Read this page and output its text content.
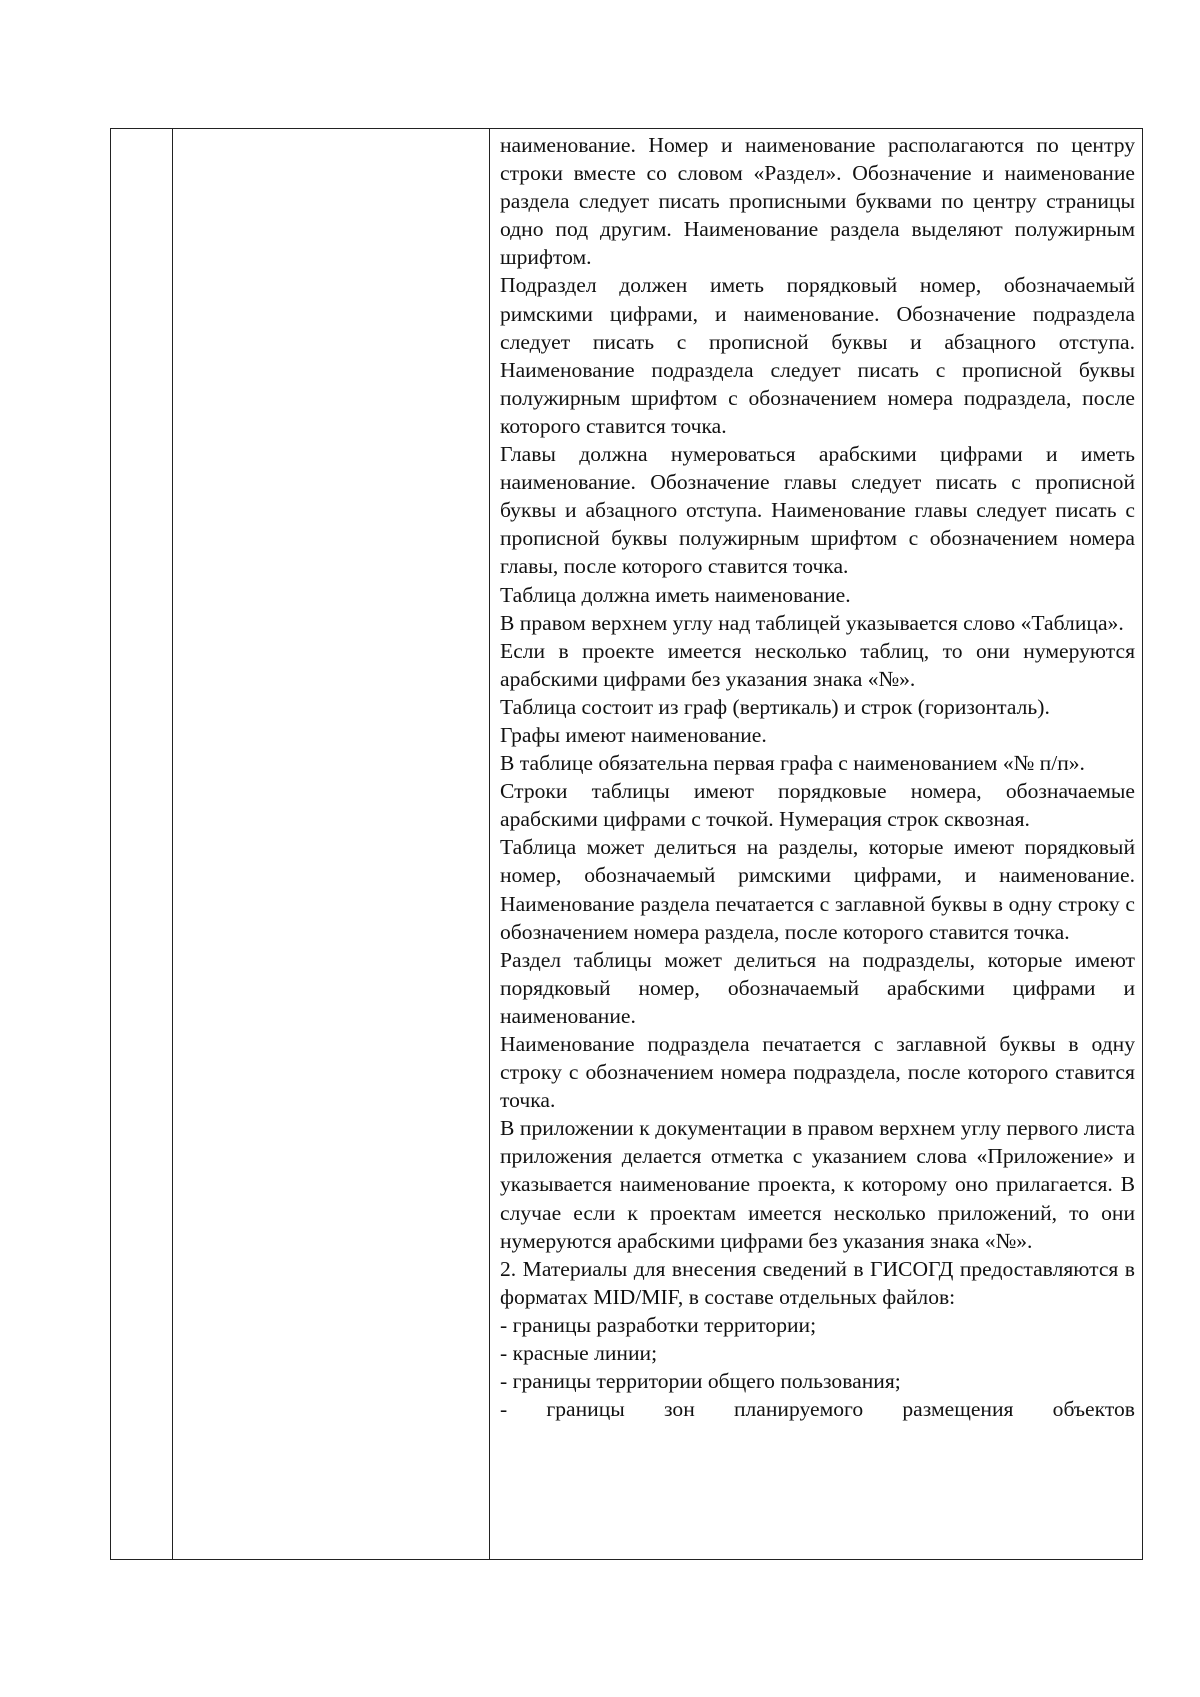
наименование. Номер и наименование располагаются по центру строки вместе со словом «Раздел». Обозначение и наименование раздела следует писать прописными буквами по центру страницы одно под другим. Наименование раздела выделяют полужирным шрифтом.

Подраздел должен иметь порядковый номер, обозначаемый римскими цифрами, и наименование. Обозначение подраздела следует писать с прописной буквы и абзацного отступа. Наименование подраздела следует писать с прописной буквы полужирным шрифтом с обозначением номера подраздела, после которого ставится точка.

Главы должна нумероваться арабскими цифрами и иметь наименование. Обозначение главы следует писать с прописной буквы и абзацного отступа. Наименование главы следует писать с прописной буквы полужирным шрифтом с обозначением номера главы, после которого ставится точка.

Таблица должна иметь наименование.

В правом верхнем углу над таблицей указывается слово «Таблица».

Если в проекте имеется несколько таблиц, то они нумеруются арабскими цифрами без указания знака «№».

Таблица состоит из граф (вертикаль) и строк (горизонталь).

Графы имеют наименование.

В таблице обязательна первая графа с наименованием «№ п/п».

Строки таблицы имеют порядковые номера, обозначаемые арабскими цифрами с точкой. Нумерация строк сквозная.

Таблица может делиться на разделы, которые имеют порядковый номер, обозначаемый римскими цифрами, и наименование. Наименование раздела печатается с заглавной буквы в одну строку с обозначением номера раздела, после которого ставится точка.

Раздел таблицы может делиться на подразделы, которые имеют порядковый номер, обозначаемый арабскими цифрами и наименование.

Наименование подраздела печатается с заглавной буквы в одну строку с обозначением номера подраздела, после которого ставится точка.

В приложении к документации в правом верхнем углу первого листа приложения делается отметка с указанием слова «Приложение» и указывается наименование проекта, к которому оно прилагается. В случае если к проектам имеется несколько приложений, то они нумеруются арабскими цифрами без указания знака «№».

2. Материалы для внесения сведений в ГИСОГД предоставляются в форматах MID/MIF, в составе отдельных файлов:

- границы разработки территории;

- красные линии;

- границы территории общего пользования;

- границы зон планируемого размещения объектов
